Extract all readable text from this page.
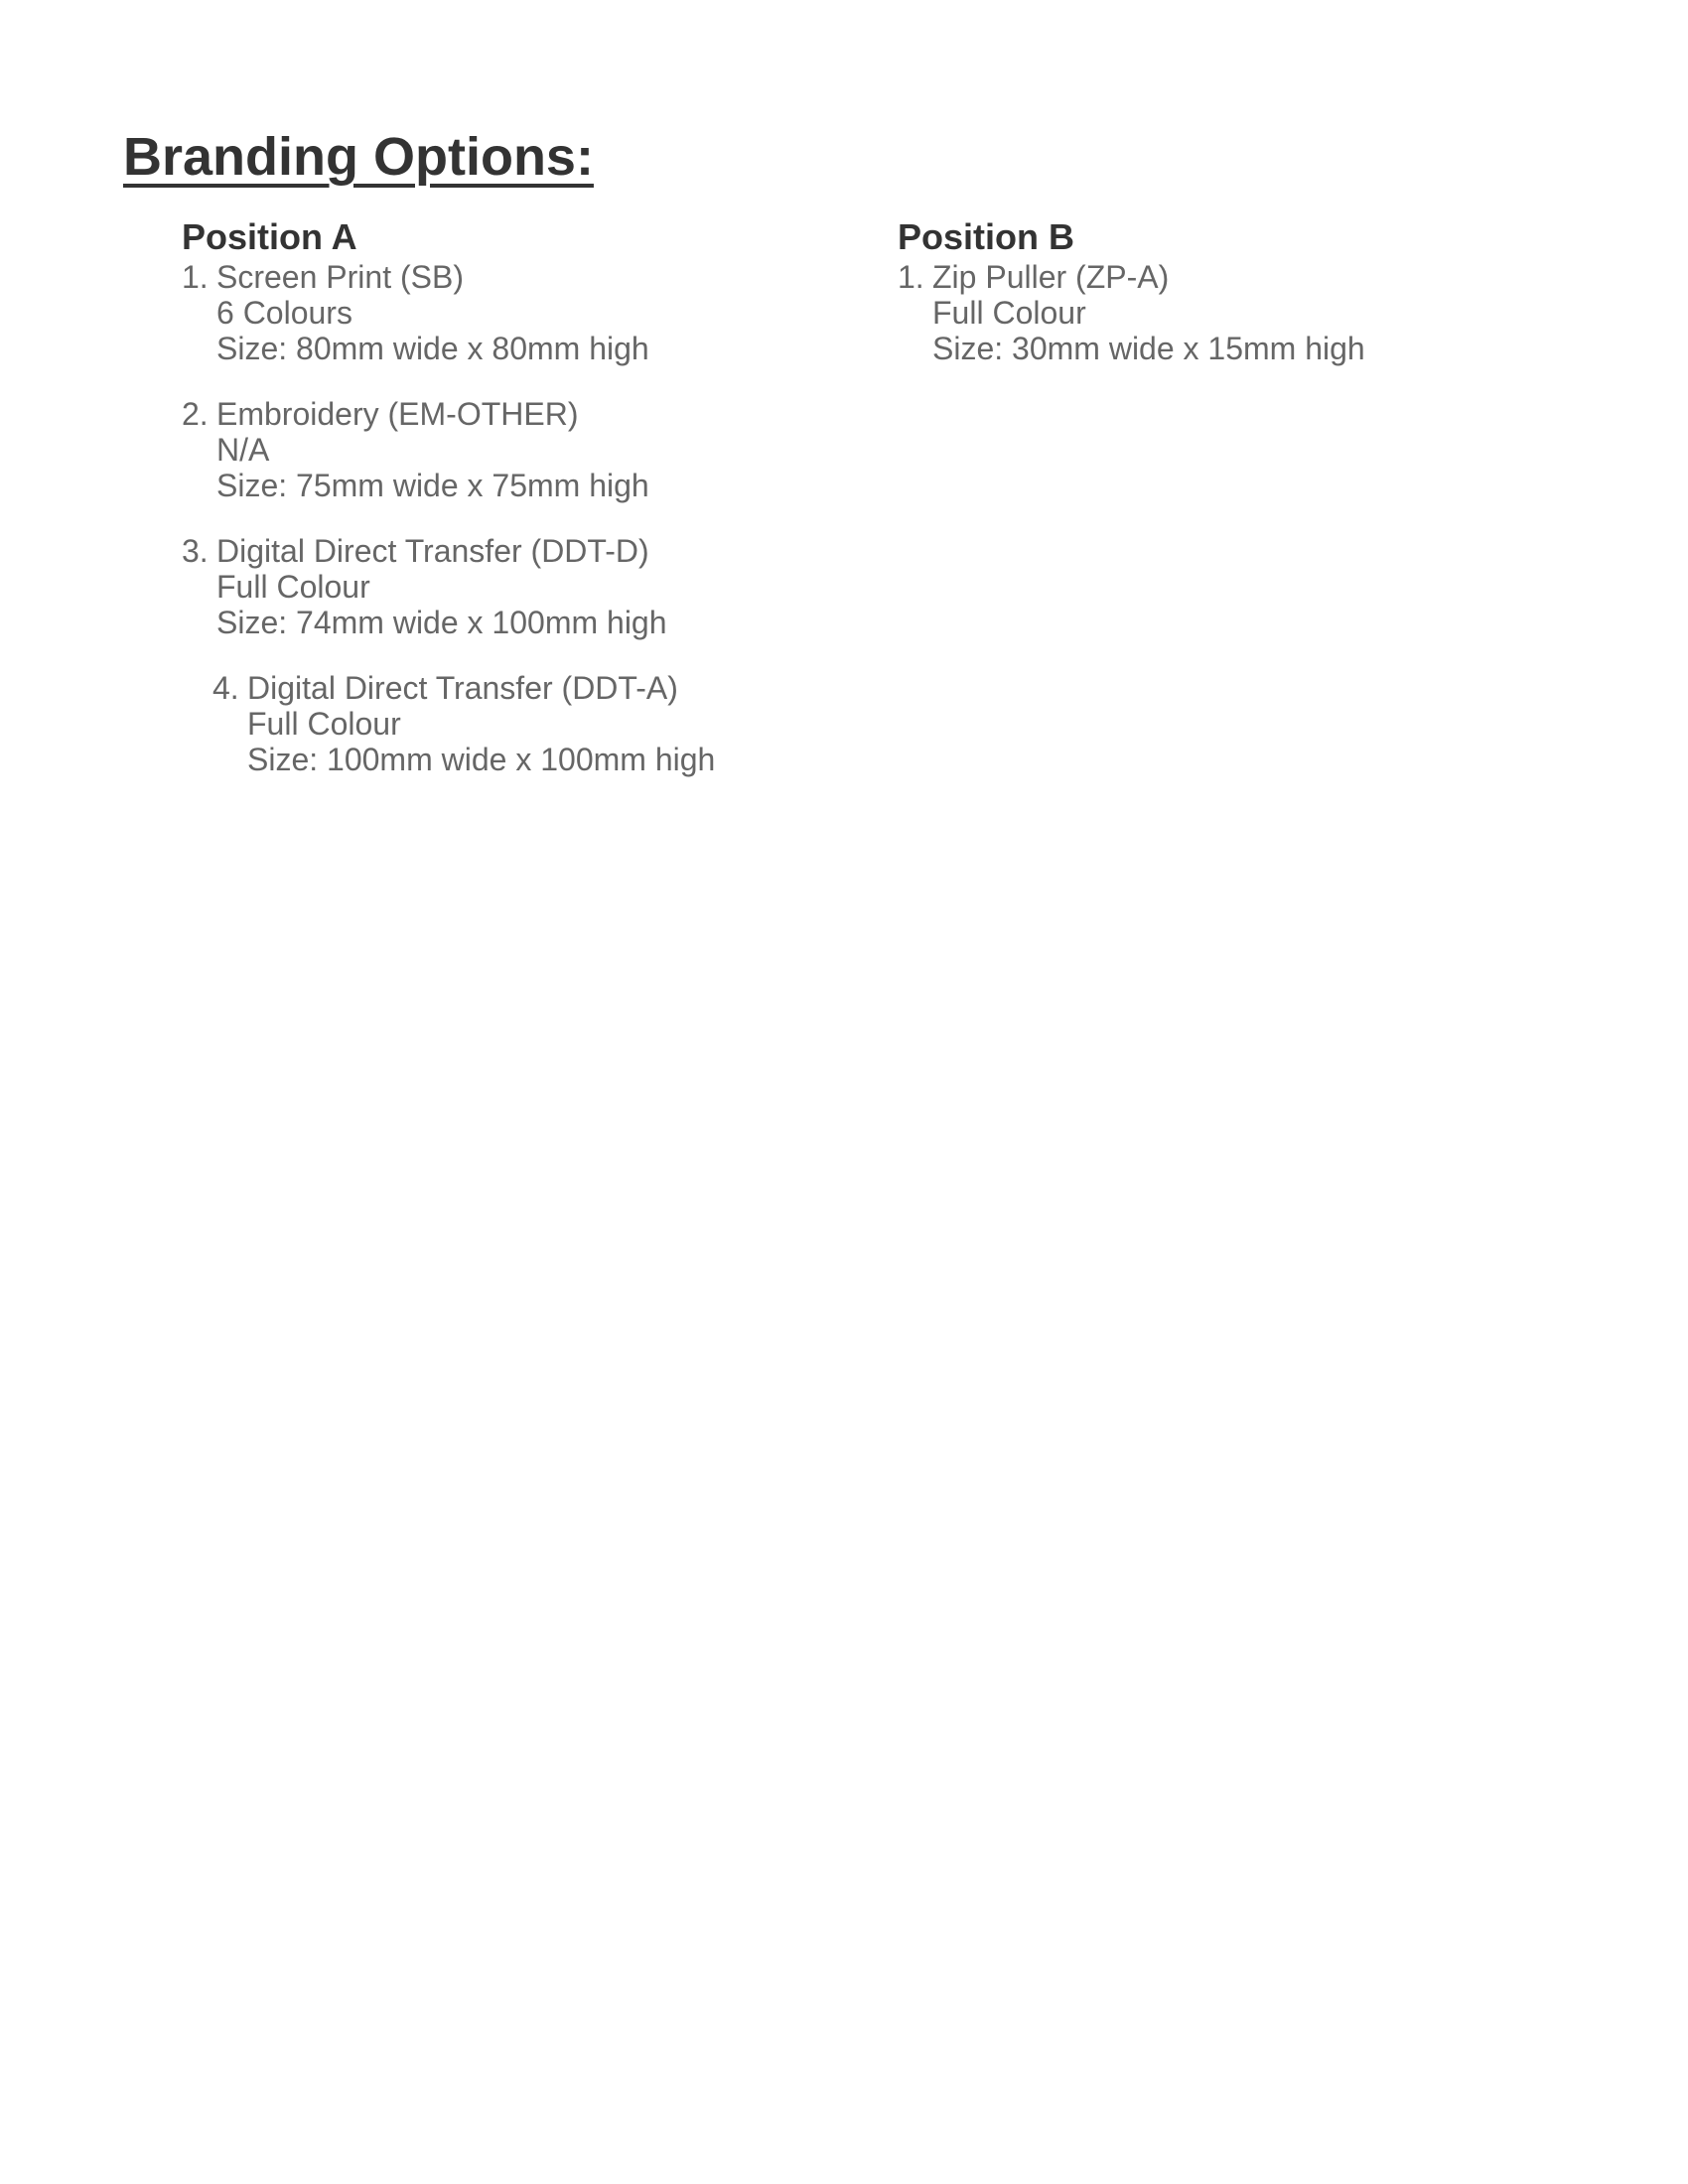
Branding Options:
Position A
1. Screen Print (SB)
6 Colours
Size: 80mm wide x 80mm high
2. Embroidery (EM-OTHER)
N/A
Size: 75mm wide x 75mm high
3. Digital Direct Transfer (DDT-D)
Full Colour
Size: 74mm wide x 100mm high
4. Digital Direct Transfer (DDT-A)
Full Colour
Size: 100mm wide x 100mm high
Position B
1. Zip Puller (ZP-A)
Full Colour
Size: 30mm wide x 15mm high
